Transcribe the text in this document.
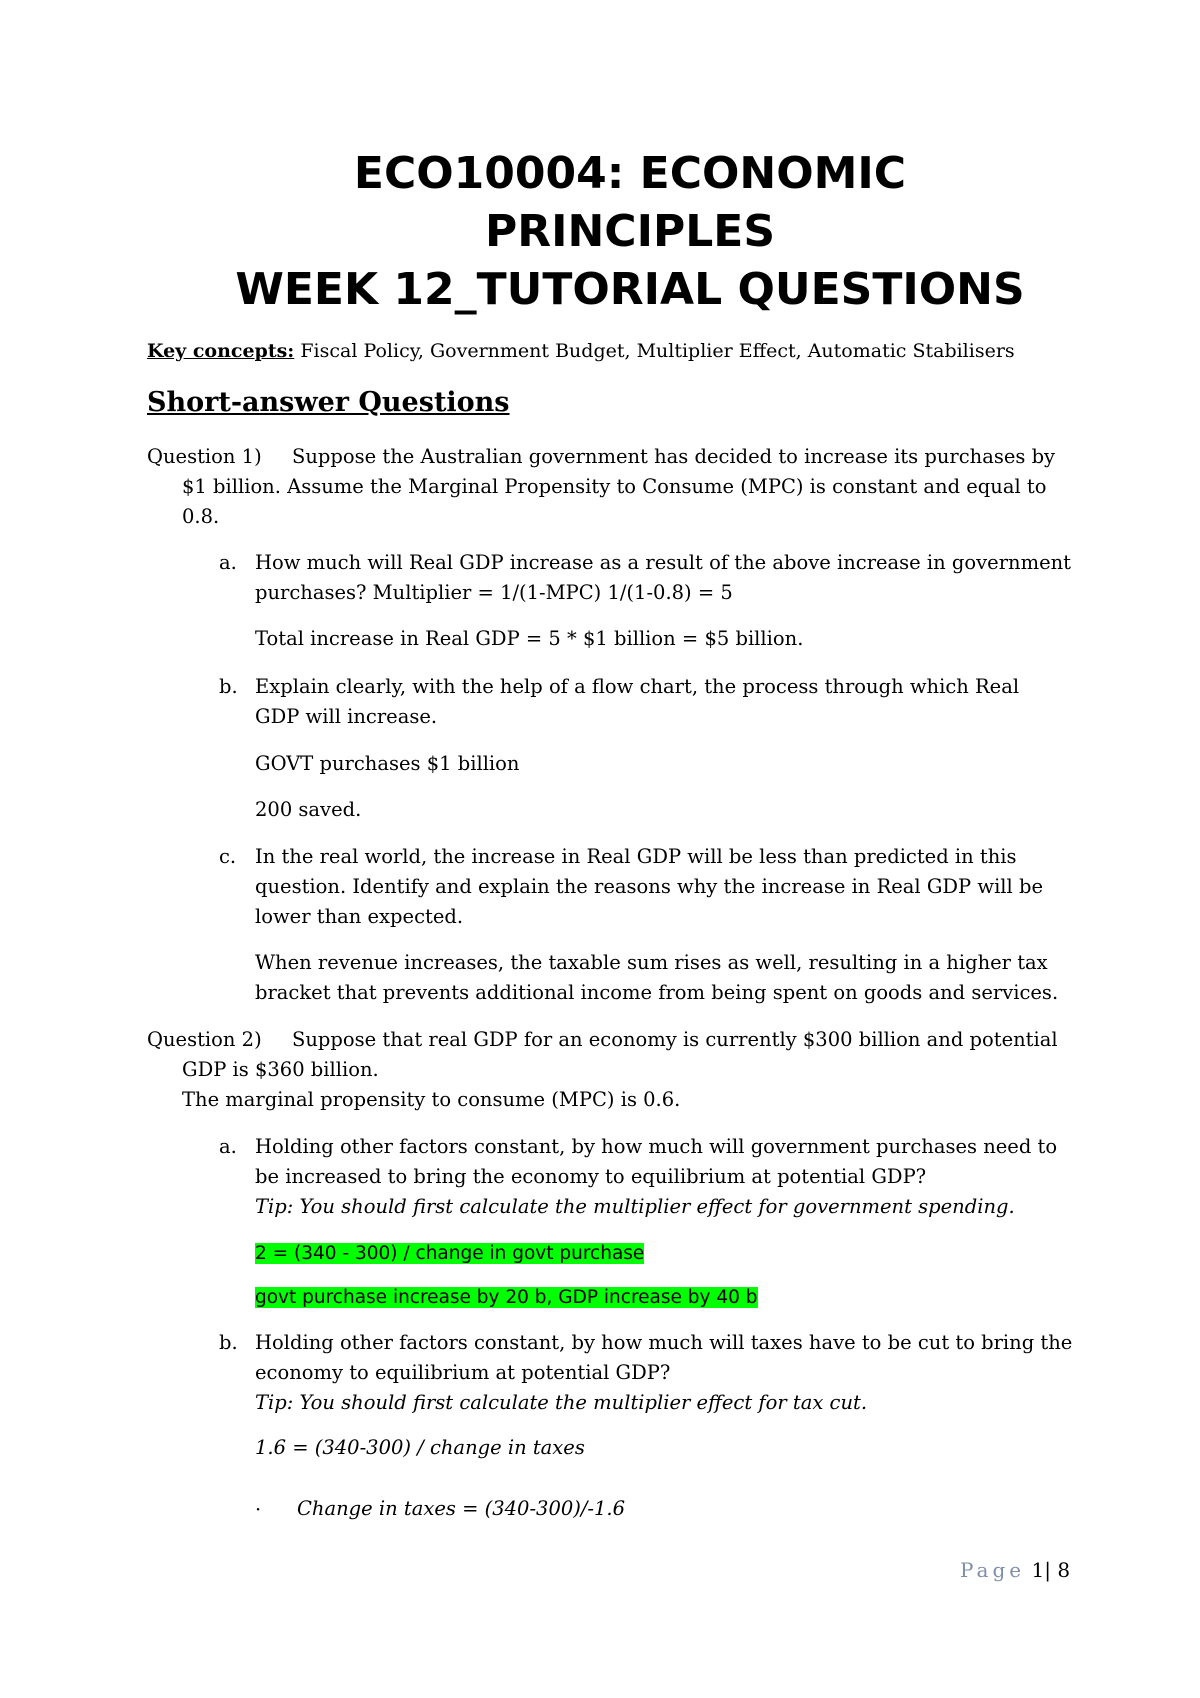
ECO10004: ECONOMIC
PRINCIPLES
WEEK 12_TUTORIAL QUESTIONS
Key concepts: Fiscal Policy, Government Budget, Multiplier Effect, Automatic Stabilisers
Short-answer Questions
Question 1) Suppose the Australian government has decided to increase its purchases by
$1 billion. Assume the Marginal Propensity to Consume (MPC) is constant and equal to
0.8.
a. How much will Real GDP increase as a result of the above increase in government
purchases? Multiplier = 1/(1-MPC) 1/(1-0.8) = 5
Total increase in Real GDP = 5 * $1 billion = $5 billion.
b. Explain clearly, with the help of a flow chart, the process through which Real
GDP will increase.
GOVT purchases $1 billion
200 saved.
c. In the real world, the increase in Real GDP will be less than predicted in this
question. Identify and explain the reasons why the increase in Real GDP will be
lower than expected.
When revenue increases, the taxable sum rises as well, resulting in a higher tax
bracket that prevents additional income from being spent on goods and services.
Question 2) Suppose that real GDP for an economy is currently $300 billion and potential
GDP is $360 billion.
The marginal propensity to consume (MPC) is 0.6.
a. Holding other factors constant, by how much will government purchases need to
be increased to bring the economy to equilibrium at potential GDP?
Tip: You should first calculate the multiplier effect for government spending.
2 = (340 - 300) / change in govt purchase
govt purchase increase by 20 b, GDP increase by 40 b
b. Holding other factors constant, by how much will taxes have to be cut to bring the
economy to equilibrium at potential GDP?
Tip: You should first calculate the multiplier effect for tax cut.
1.6 = (340-300) / change in taxes
· Change in taxes = (340-300)/-1.6
Page 1| 8
